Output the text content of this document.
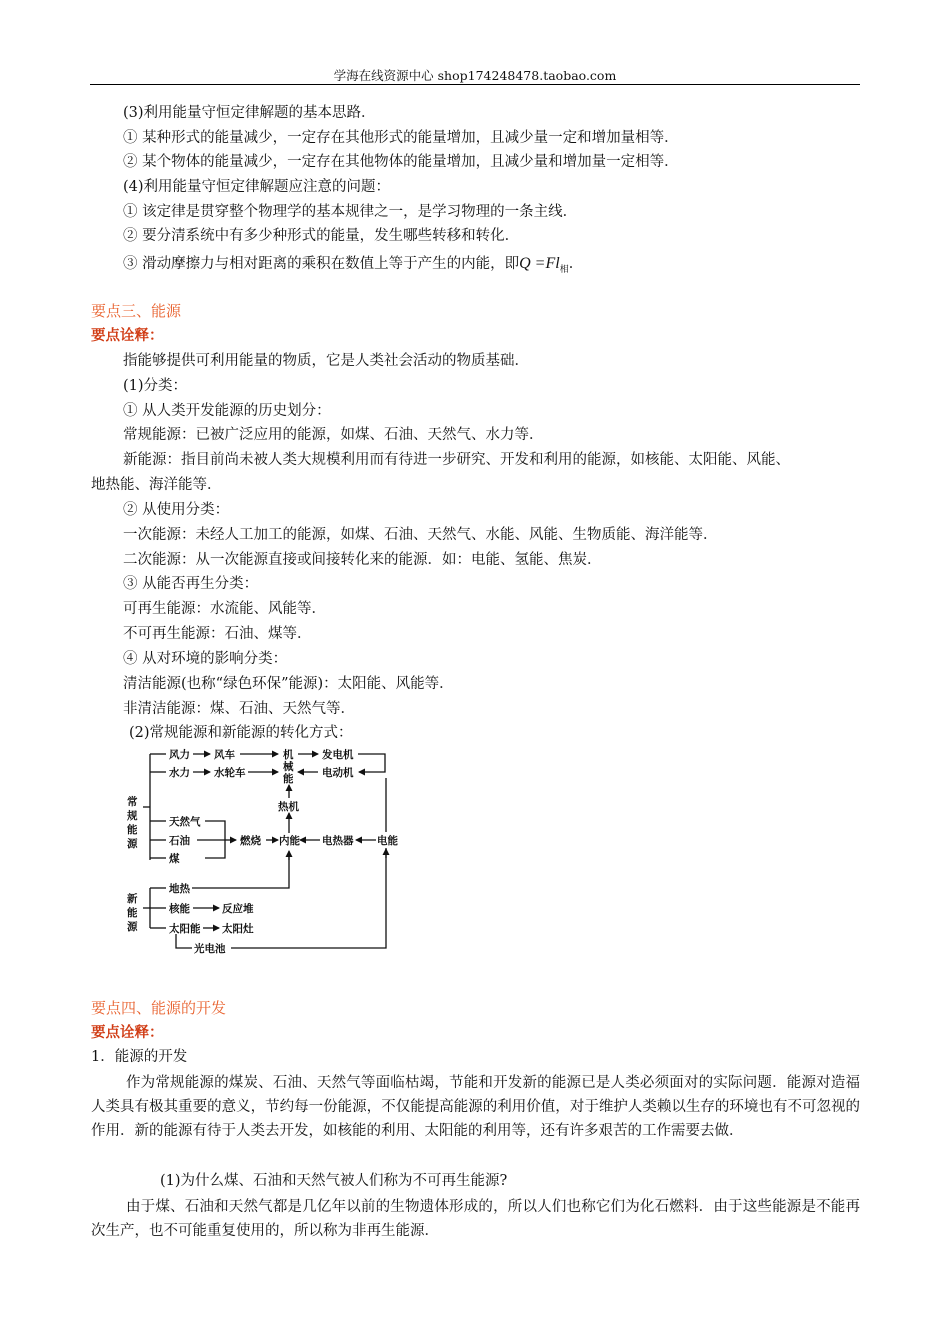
学海在线资源中心 shop174248478.taobao.com
(3)利用能量守恒定律解题的基本思路．
① 某种形式的能量减少，一定存在其他形式的能量增加，且减少量一定和增加量相等．
② 某个物体的能量减少，一定存在其他物体的能量增加，且减少量和增加量一定相等．
(4)利用能量守恒定律解题应注意的问题：
① 该定律是贯穿整个物理学的基本规律之一，是学习物理的一条主线．
② 要分清系统中有多少种形式的能量，发生哪些转移和转化．
③ 滑动摩擦力与相对距离的乘积在数值上等于产生的内能，即$Q =Fl_相$．
要点三、能源
要点诠释：
指能够提供可利用能量的物质，它是人类社会活动的物质基础．
(1)分类：
① 从人类开发能源的历史划分：
常规能源：已被广泛应用的能源，如煤、石油、天然气、水力等．
新能源：指目前尚未被人类大规模利用而有待进一步研究、开发和利用的能源，如核能、太阳能、风能、
地热能、海洋能等．
② 从使用分类：
一次能源：未经人工加工的能源，如煤、石油、天然气、水能、风能、生物质能、海洋能等．
二次能源：从一次能源直接或间接转化来的能源．如：电能、氢能、焦炭．
③ 从能否再生分类：
可再生能源：水流能、风能等．
不可再生能源：石油、煤等．
④ 从对环境的影响分类：
清洁能源(也称“绿色环保”能源)：太阳能、风能等．
非清洁能源：煤、石油、天然气等．
(2)常规能源和新能源的转化方式：
常
规
能
源
新
能
源
风力 风车
水力 水轮车
机
械
能
发电机
电动机
热机
天然气
石油
煤
燃烧 内能 电热器 电能
地热
核能	反应堆
太阳能 太阳灶
光电池
要点四、能源的开发
要点诠释：
1．能源的开发
作为常规能源的煤炭、石油、天然气等面临枯竭，节能和开发新的能源已是人类必须面对的实际问题．能源对造福人类具有极其重要的意义，节约每一份能源，不仅能提高能源的利用价值，对于维护人类赖以生存的环境也有不可忽视的作用．新的能源有待于人类去开发，如核能的利用、太阳能的利用等，还有许多艰苦的工作需要去做．
(1)为什么煤、石油和天然气被人们称为不可再生能源?
由于煤、石油和天然气都是几亿年以前的生物遗体形成的，所以人们也称它们为化石燃料．由于这些能源是不能再次生产，也不可能重复使用的，所以称为非再生能源．
